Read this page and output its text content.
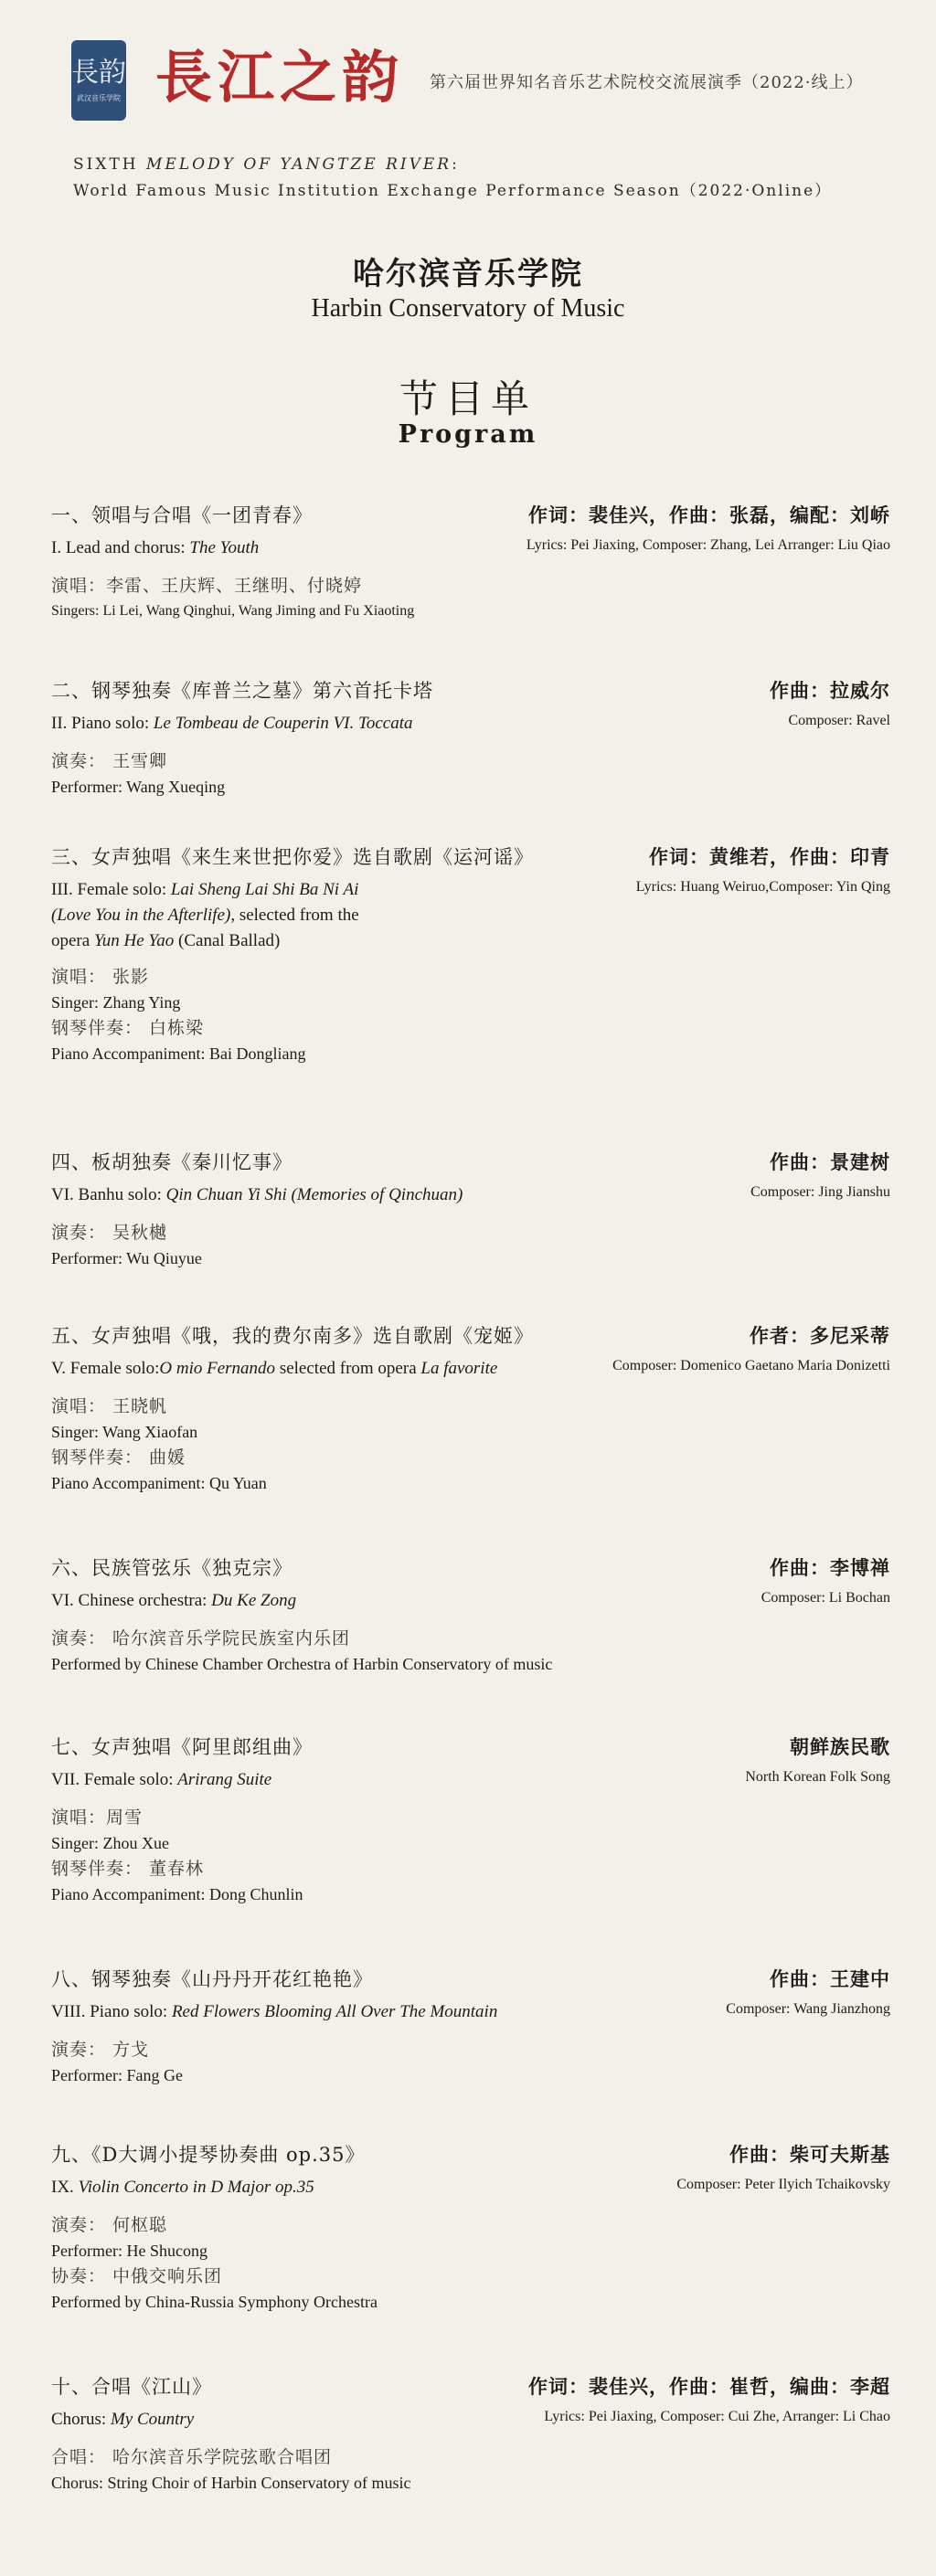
長韵
武汉音乐学院 長江之韵 第六届世界知名音乐艺术院校交流展演季（2022·线上）
SIXTH MELODY OF YANGTZE RIVER:
World Famous Music Institution Exchange Performance Season（2022·Online）
哈尔滨音乐学院
Harbin Conservatory of Music
节目单
Program
一、领唱与合唱《一团青春》	作词：裴佳兴，作曲：张磊，编配：刘峤
I. Lead and chorus: The Youth	Lyrics: Pei Jiaxing, Composer: Zhang, Lei Arranger: Liu Qiao
演唱：李雷、王庆辉、王继明、付晓婷
Singers: Li Lei, Wang Qinghui, Wang Jiming and Fu Xiaoting
二、钢琴独奏《库普兰之墓》第六首托卡塔	作曲：拉威尔
II. Piano solo: Le Tombeau de Couperin VI. Toccata	Composer: Ravel
演奏： 王雪卿
Performer: Wang Xueqing
三、女声独唱《来生来世把你爱》选自歌剧《运河谣》	作词：黄维若，作曲：印青
III. Female solo: Lai Sheng Lai Shi Ba Ni Ai
(Love You in the Afterlife), selected from the
opera Yun He Yao (Canal Ballad)
Lyrics: Huang Weiruo,Composer: Yin Qing
演唱： 张影
Singer: Zhang Ying
钢琴伴奏： 白栋梁
Piano Accompaniment: Bai Dongliang
四、板胡独奏《秦川忆事》	作曲：景建树
VI. Banhu solo: Qin Chuan Yi Shi (Memories of Qinchuan)	Composer: Jing Jianshu
演奏： 吴秋樾
Performer: Wu Qiuyue
五、女声独唱《哦，我的费尔南多》选自歌剧《宠姬》	作者：多尼采蒂
V. Female solo:O mio Fernando selected from opera La favorite	Composer: Domenico Gaetano Maria Donizetti
演唱： 王晓帆
Singer: Wang Xiaofan
钢琴伴奏： 曲媛
Piano Accompaniment: Qu Yuan
六、民族管弦乐《独克宗》	作曲：李博禅
VI. Chinese orchestra: Du Ke Zong	Composer: Li Bochan
演奏： 哈尔滨音乐学院民族室内乐团
Performed by Chinese Chamber Orchestra of Harbin Conservatory of music
七、女声独唱《阿里郎组曲》	朝鲜族民歌
VII. Female solo: Arirang Suite	North Korean Folk Song
演唱：周雪
Singer: Zhou Xue
钢琴伴奏： 董春林
Piano Accompaniment: Dong Chunlin
八、钢琴独奏《山丹丹开花红艳艳》	作曲：王建中
VIII. Piano solo: Red Flowers Blooming All Over The Mountain	Composer: Wang Jianzhong
演奏： 方戈
Performer: Fang Ge
九、《D大调小提琴协奏曲 op.35》	作曲：柴可夫斯基
IX. Violin Concerto in D Major op.35	Composer: Peter Ilyich Tchaikovsky
演奏： 何枢聪
Performer: He Shucong
协奏： 中俄交响乐团
Performed by China-Russia Symphony Orchestra
十、合唱《江山》	作词：裴佳兴，作曲：崔哲，编曲：李超
Chorus: My Country	Lyrics: Pei Jiaxing, Composer: Cui Zhe, Arranger: Li Chao
合唱： 哈尔滨音乐学院弦歌合唱团
Chorus: String Choir of Harbin Conservatory of music
